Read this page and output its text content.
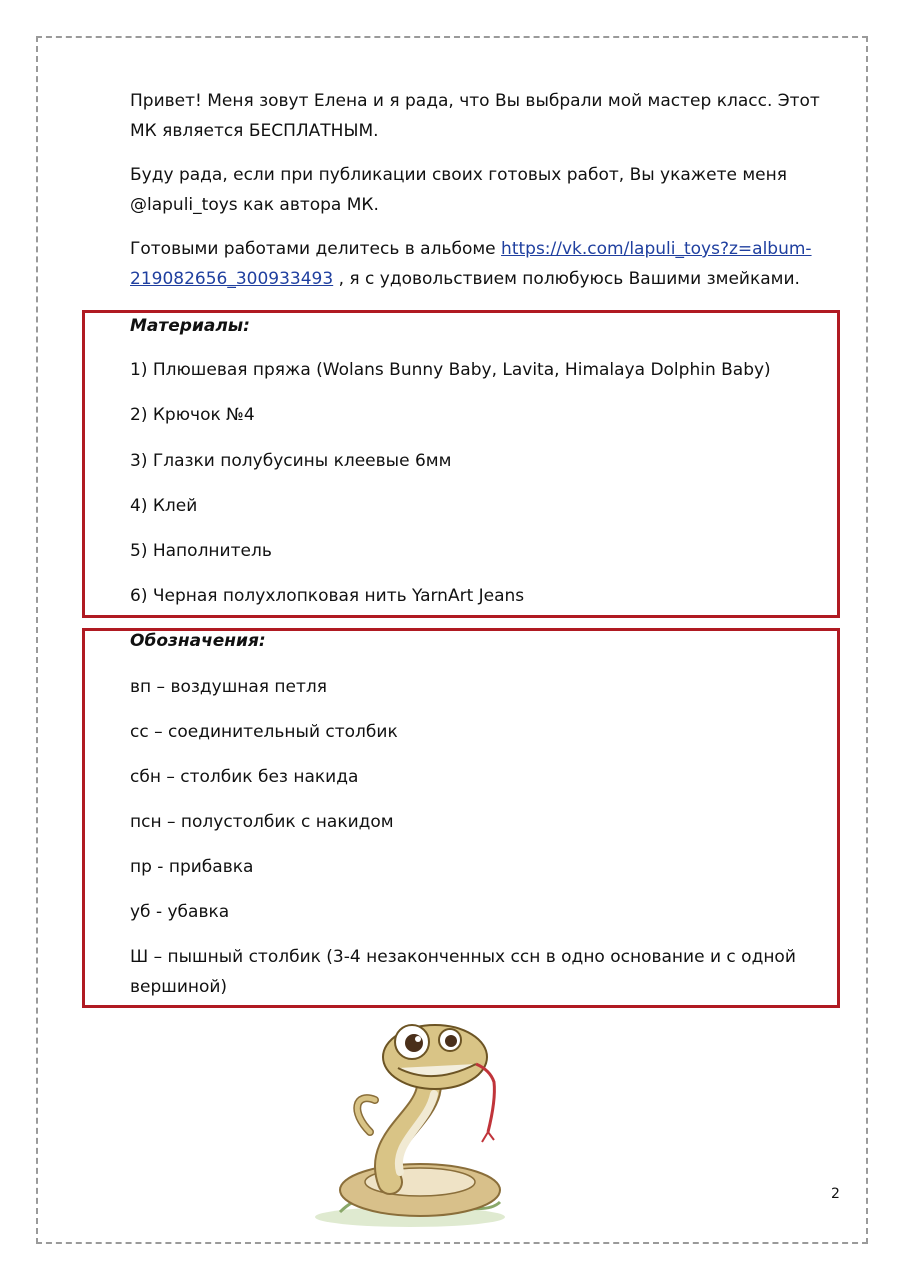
Привет! Меня зовут Елена и я рада, что Вы выбрали мой мастер класс. Этот МК является БЕСПЛАТНЫМ.

Буду рада, если при публикации своих готовых работ, Вы укажете меня @lapuli_toys как автора МК.

Готовыми работами делитесь в альбоме https://vk.com/lapuli_toys?z=album-219082656_300933493 , я с удовольствием полюбуюсь Вашими змейками.

Материалы:

1) Плюшевая пряжа (Wolans Bunny Baby, Lavita, Himalaya Dolphin Baby)

2) Крючок №4

3) Глазки полубусины клеевые 6мм

4) Клей

5) Наполнитель

6) Черная полухлопковая нить YarnArt Jeans

Обозначения:

вп – воздушная петля

сс – соединительный столбик

сбн – столбик без накида

псн – полустолбик с накидом

пр - прибавка

уб - убавка

Ш – пышный столбик (3-4 незаконченных ссн в одно основание и с одной вершиной)

2
